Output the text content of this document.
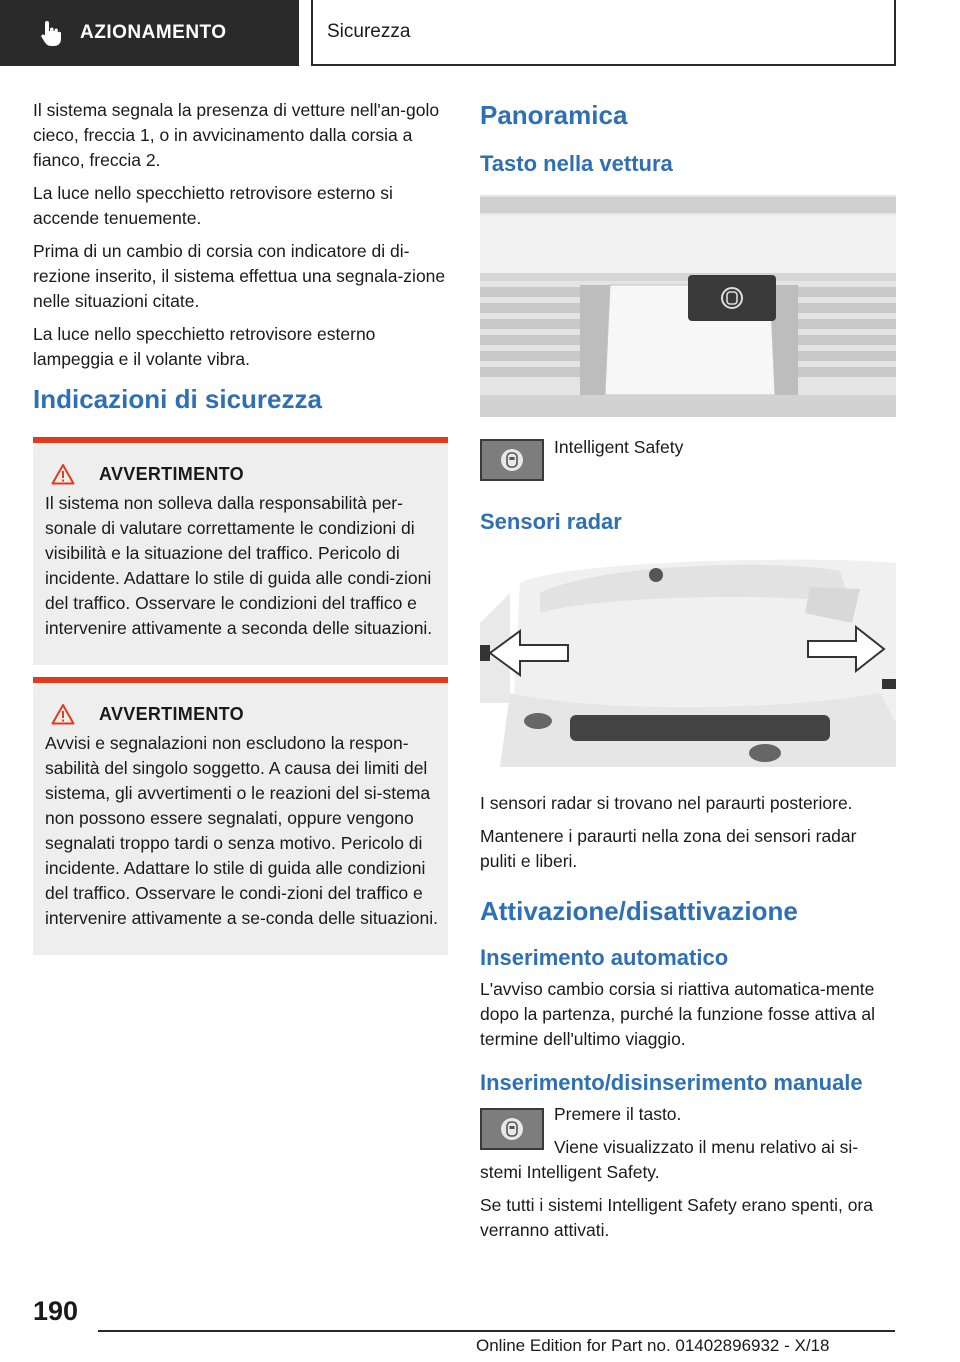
AZIONAMENTO	Sicurezza

Il sistema segnala la presenza di vetture nell'an-golo cieco, freccia 1, o in avvicinamento dalla corsia a fianco, freccia 2.

La luce nello specchietto retrovisore esterno si accende tenuemente.

Prima di un cambio di corsia con indicatore di di-rezione inserito, il sistema effettua una segnala-zione nelle situazioni citate.

La luce nello specchietto retrovisore esterno lampeggia e il volante vibra.

Indicazioni di sicurezza
AVVERTIMENTO

Il sistema non solleva dalla responsabilità per-sonale di valutare correttamente le condizioni di visibilità e la situazione del traffico. Pericolo di incidente. Adattare lo stile di guida alle condi-zioni del traffico. Osservare le condizioni del traffico e intervenire attivamente a seconda delle situazioni.

AVVERTIMENTO

Avvisi e segnalazioni non escludono la respon-sabilità del singolo soggetto. A causa dei limiti del sistema, gli avvertimenti o le reazioni del si-stema non possono essere segnalati, oppure vengono segnalati troppo tardi o senza motivo. Pericolo di incidente. Adattare lo stile di guida alle condizioni del traffico. Osservare le condi-zioni del traffico e intervenire attivamente a se-conda delle situazioni.

Panoramica
Tasto nella vettura

Intelligent Safety

Sensori radar

I sensori radar si trovano nel paraurti posteriore.

Mantenere i paraurti nella zona dei sensori radar puliti e liberi.

Attivazione/disattivazione
Inserimento automatico

L'avviso cambio corsia si riattiva automatica-mente dopo la partenza, purché la funzione fosse attiva al termine dell'ultimo viaggio.

Inserimento/disinserimento manuale

Premere il tasto.

Viene visualizzato il menu relativo ai si-stemi Intelligent Safety.

Se tutti i sistemi Intelligent Safety erano spenti, ora verranno attivati.

190
Online Edition for Part no. 01402896932 - X/18
